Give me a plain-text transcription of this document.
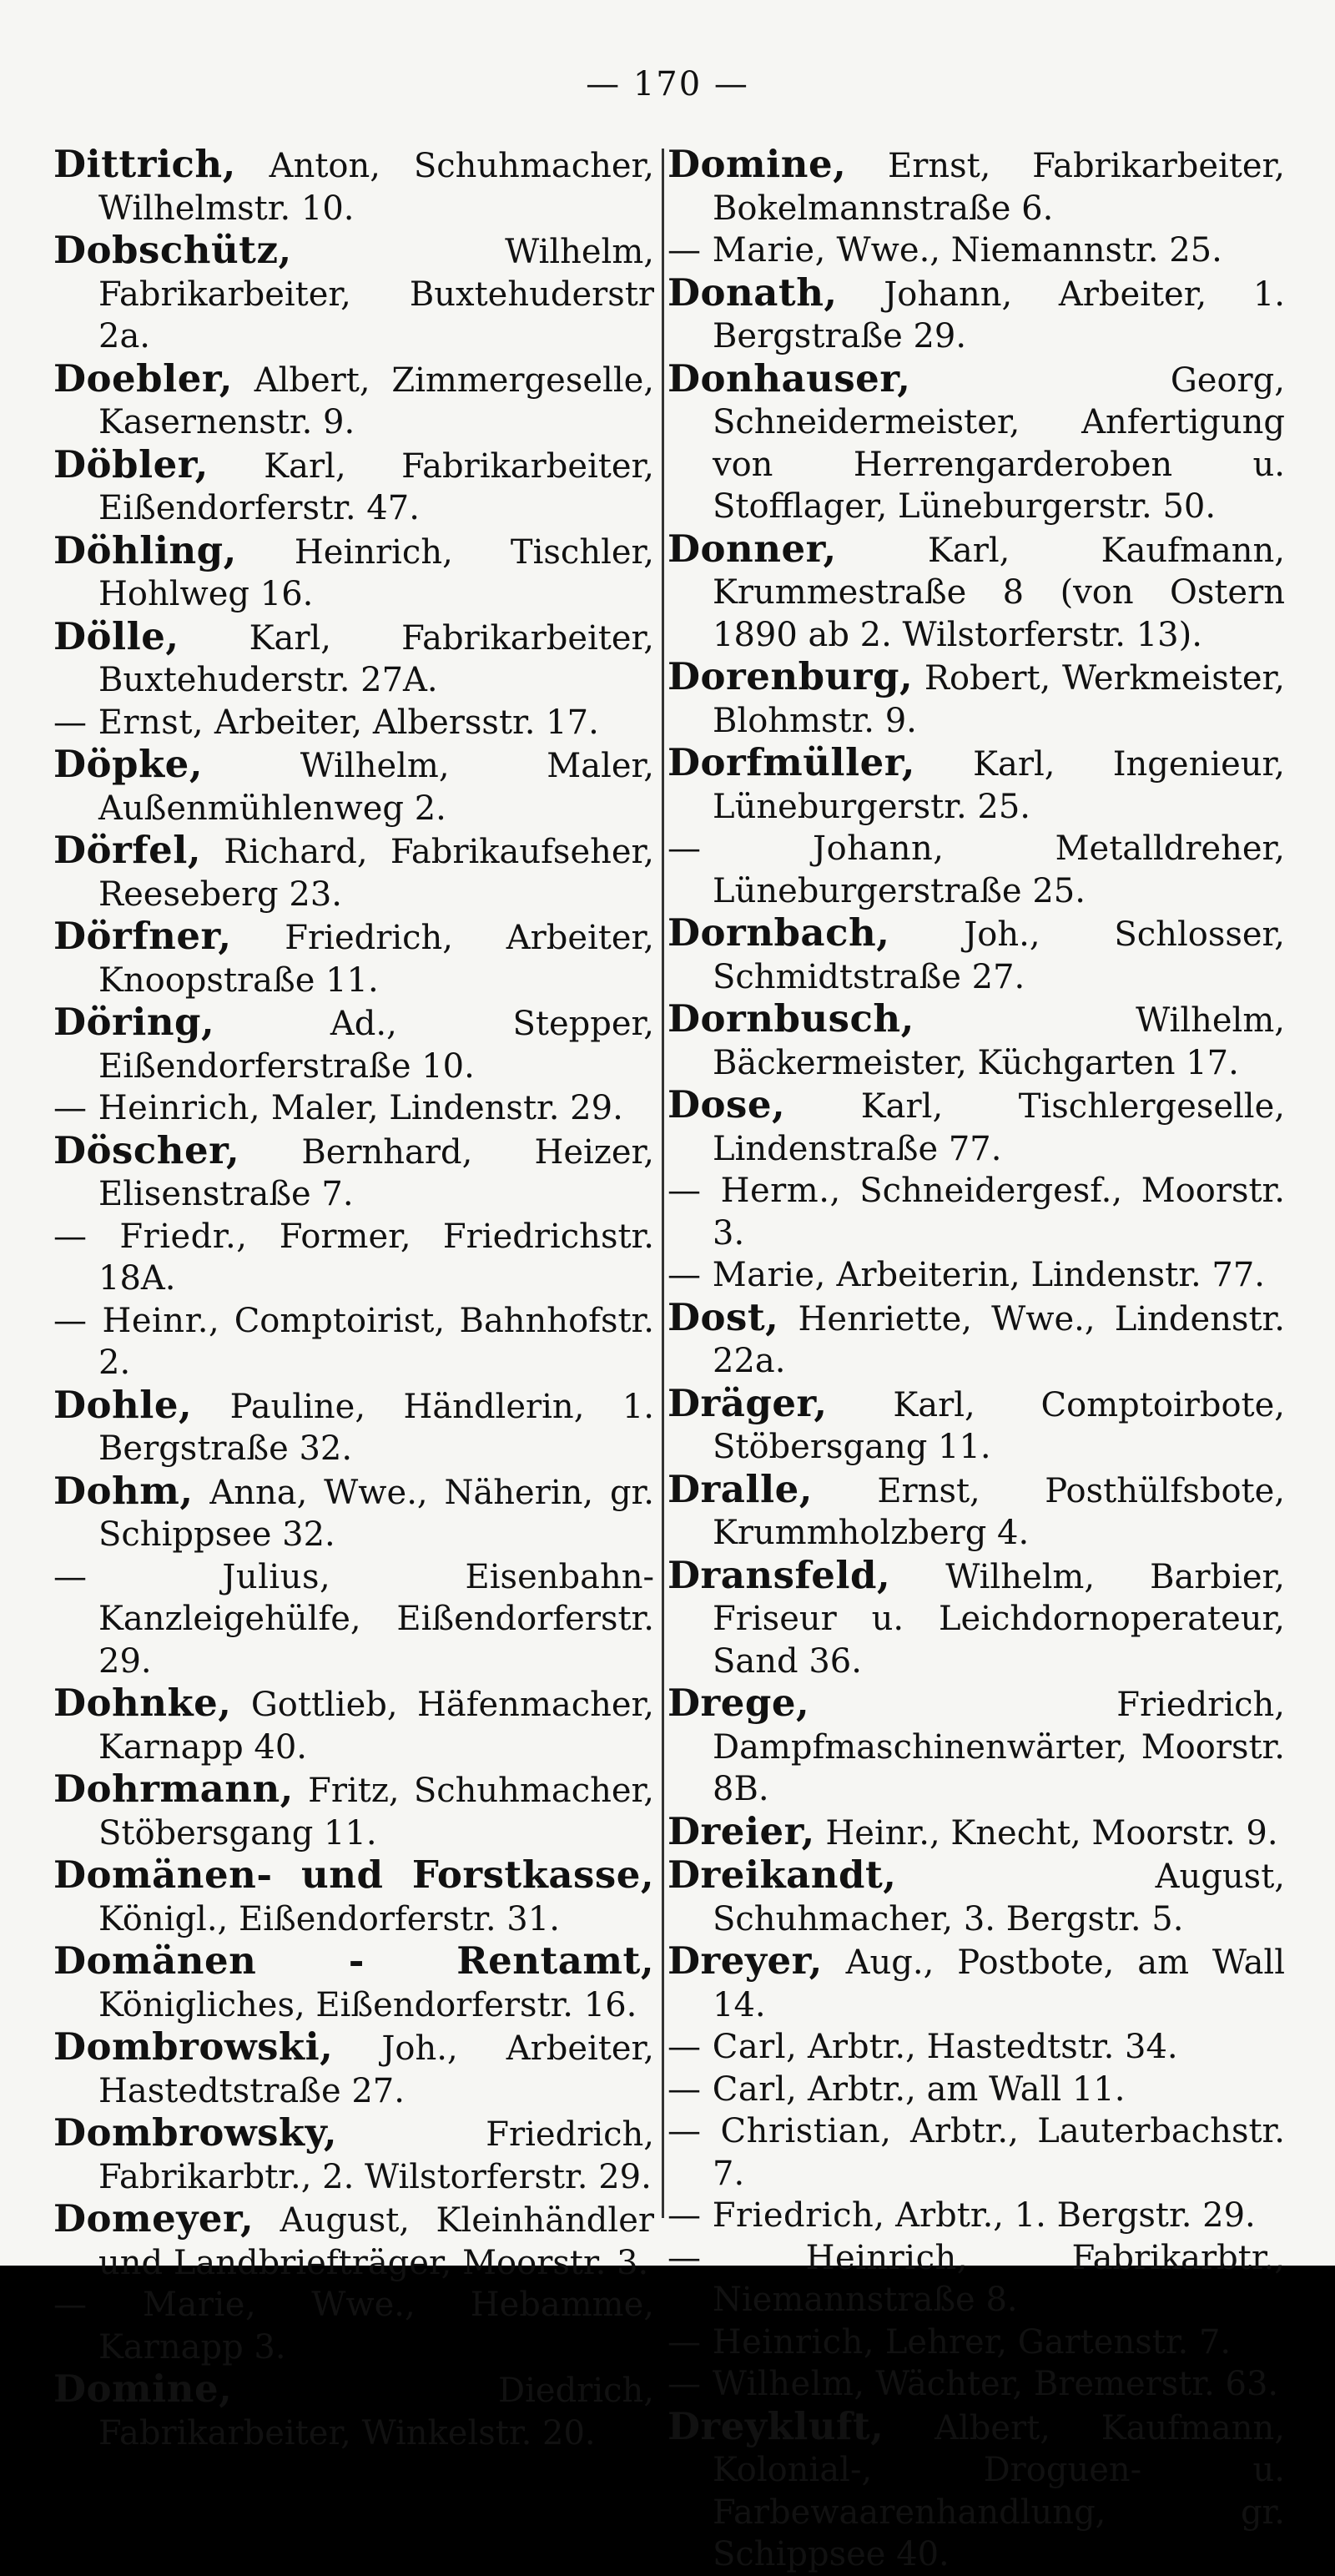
— 170 —

Dittrich, Anton, Schuhmacher, Wilhelmstr. 10.

Dobschütz, Wilhelm, Fabrikarbeiter, Buxtehuderstr 2a.

Doebler, Albert, Zimmergeselle, Kasernenstr. 9.

Döbler, Karl, Fabrikarbeiter, Eißendorferstr. 47.

Döhling, Heinrich, Tischler, Hohlweg 16.

Dölle, Karl, Fabrikarbeiter, Buxtehuderstr. 27A.

— Ernst, Arbeiter, Albersstr. 17.

Döpke, Wilhelm, Maler, Außenmühlenweg 2.

Dörfel, Richard, Fabrikaufseher, Reeseberg 23.

Dörfner, Friedrich, Arbeiter, Knoopstraße 11.

Döring, Ad., Stepper, Eißendorferstraße 10.

— Heinrich, Maler, Lindenstr. 29.

Döscher, Bernhard, Heizer, Elisenstraße 7.

— Friedr., Former, Friedrichstr. 18A.

— Heinr., Comptoirist, Bahnhofstr. 2.

Dohle, Pauline, Händlerin, 1. Bergstraße 32.

Dohm, Anna, Wwe., Näherin, gr. Schippsee 32.

— Julius, Eisenbahn-Kanzleigehülfe, Eißendorferstr. 29.

Dohnke, Gottlieb, Häfenmacher, Karnapp 40.

Dohrmann, Fritz, Schuhmacher, Stöbersgang 11.

Domänen- und Forstkasse, Königl., Eißendorferstr. 31.

Domänen - Rentamt, Königliches, Eißendorferstr. 16.

Dombrowski, Joh., Arbeiter, Hastedtstraße 27.

Dombrowsky, Friedrich, Fabrikarbtr., 2. Wilstorferstr. 29.

Domeyer, August, Kleinhändler und Landbriefträger, Moorstr. 3.

— Marie, Wwe., Hebamme, Karnapp 3.

Domine, Diedrich, Fabrikarbeiter, Winkelstr. 20.

Domine, Ernst, Fabrikarbeiter, Bokelmannstraße 6.

— Marie, Wwe., Niemannstr. 25.

Donath, Johann, Arbeiter, 1. Bergstraße 29.

Donhauser, Georg, Schneidermeister, Anfertigung von Herrengarderoben u. Stofflager, Lüneburgerstr. 50.

Donner, Karl, Kaufmann, Krummestraße 8 (von Ostern 1890 ab 2. Wilstorferstr. 13).

Dorenburg, Robert, Werkmeister, Blohmstr. 9.

Dorfmüller, Karl, Ingenieur, Lüneburgerstr. 25.

— Johann, Metalldreher, Lüneburgerstraße 25.

Dornbach, Joh., Schlosser, Schmidtstraße 27.

Dornbusch, Wilhelm, Bäckermeister, Küchgarten 17.

Dose, Karl, Tischlergeselle, Lindenstraße 77.

— Herm., Schneidergesf., Moorstr. 3.

— Marie, Arbeiterin, Lindenstr. 77.

Dost, Henriette, Wwe., Lindenstr. 22a.

Dräger, Karl, Comptoirbote, Stöbersgang 11.

Dralle, Ernst, Posthülfsbote, Krummholzberg 4.

Dransfeld, Wilhelm, Barbier, Friseur u. Leichdornoperateur, Sand 36.

Drege, Friedrich, Dampfmaschinenwärter, Moorstr. 8B.

Dreier, Heinr., Knecht, Moorstr. 9.

Dreikandt, August, Schuhmacher, 3. Bergstr. 5.

Dreyer, Aug., Postbote, am Wall 14.

— Carl, Arbtr., Hastedtstr. 34.

— Carl, Arbtr., am Wall 11.

— Christian, Arbtr., Lauterbachstr. 7.

— Friedrich, Arbtr., 1. Bergstr. 29.

— Heinrich, Fabrikarbtr., Niemannstraße 8.

— Heinrich, Lehrer, Gartenstr. 7.

— Wilhelm, Wächter, Bremerstr. 63.

Dreykluft, Albert, Kaufmann, Kolonial-, Droguen- u. Farbewaarenhandlung, gr. Schippsee 40.
